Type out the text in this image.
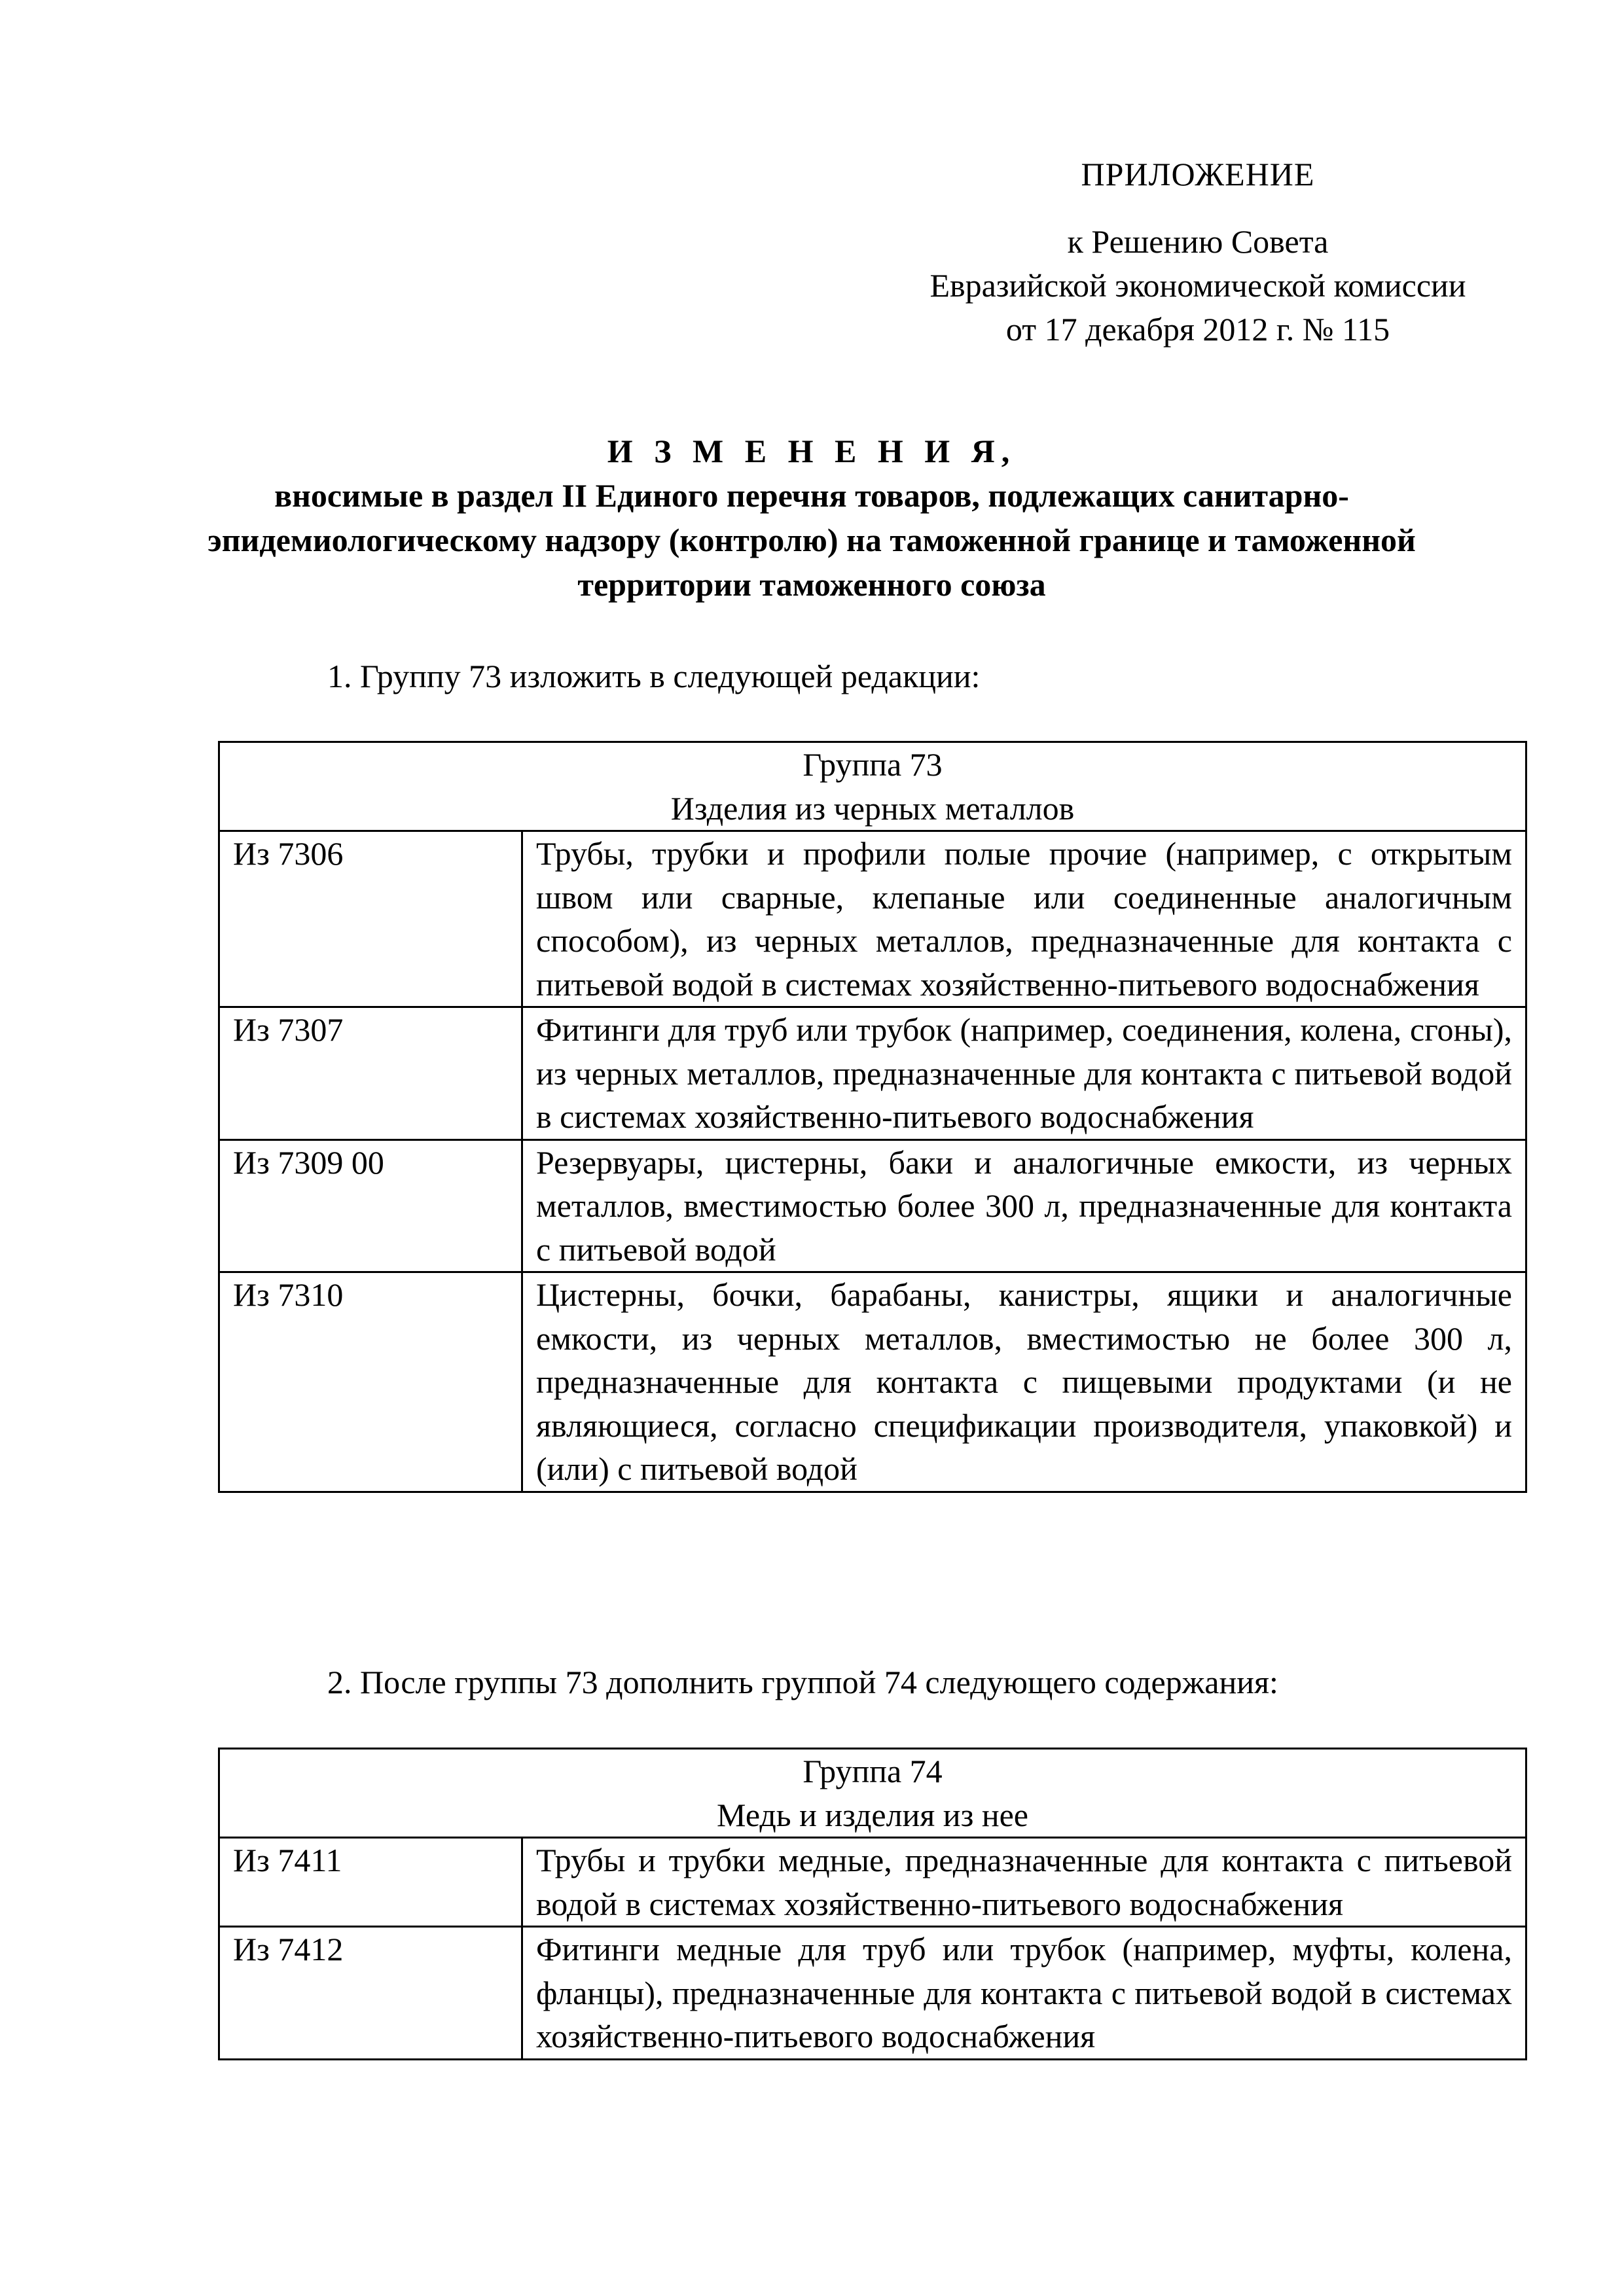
ПРИЛОЖЕНИЕ
к Решению Совета
Евразийской экономической комиссии
от 17 декабря 2012 г. № 115
И З М Е Н Е Н И Я,
вносимые в раздел II Единого перечня товаров, подлежащих санитарно-эпидемиологическому надзору (контролю) на таможенной границе и таможенной территории таможенного союза
1. Группу 73 изложить в следующей редакции:
Группа 73
Изделия из черных металлов	

Из 7306	Трубы, трубки и профили полые прочие (например, с открытым швом или сварные, клепаные или соединенные аналогичным способом), из черных металлов, предназначенные для контакта с питьевой водой в системах хозяйственно-питьевого водоснабжения
Из 7307	Фитинги для труб или трубок (например, соединения, колена, сгоны), из черных металлов, предназначенные для контакта с питьевой водой в системах хозяйственно-питьевого водоснабжения
Из 7309 00	Резервуары, цистерны, баки и аналогичные емкости, из черных металлов, вместимостью более 300 л, предназначенные для контакта с питьевой водой
Из 7310	Цистерны, бочки, барабаны, канистры, ящики и аналогичные емкости, из черных металлов, вместимостью не более 300 л, предназначенные для контакта с пищевыми продуктами (и не являющиеся, согласно спецификации производителя, упаковкой) и (или) с питьевой водой
2. После группы 73 дополнить группой 74 следующего содержания:
Группа 74
Медь и изделия из нее	

Из 7411	Трубы и трубки медные, предназначенные для контакта с питьевой водой в системах хозяйственно-питьевого водоснабжения
Из 7412	Фитинги медные для труб или трубок (например, муфты, колена, фланцы), предназначенные для контакта с питьевой водой в системах хозяйственно-питьевого водоснабжения
